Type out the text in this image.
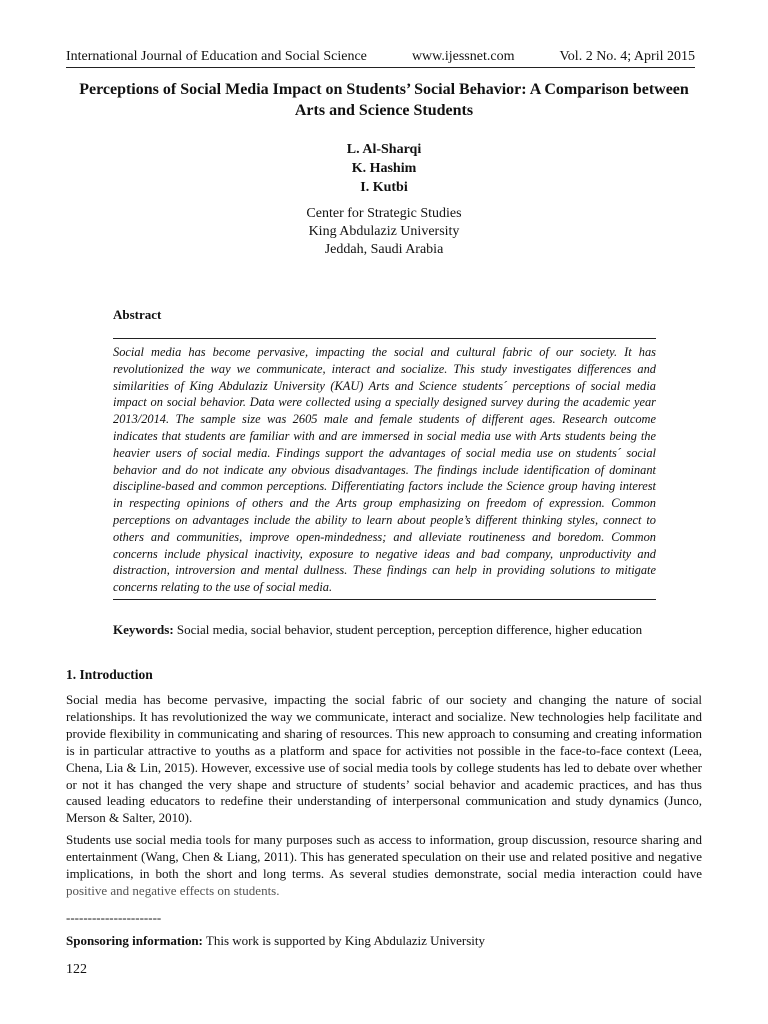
International Journal of Education and Social Science	www.ijessnet.com	Vol. 2 No. 4; April 2015
Perceptions of Social Media Impact on Students’ Social Behavior: A Comparison between Arts and Science Students
L. Al-Sharqi
K. Hashim
I. Kutbi
Center for Strategic Studies
King Abdulaziz University
Jeddah, Saudi Arabia
Abstract
Social media has become pervasive, impacting the social and cultural fabric of our society. It has revolutionized the way we communicate, interact and socialize. This study investigates differences and similarities of King Abdulaziz University (KAU) Arts and Science students´ perceptions of social media impact on social behavior. Data were collected using a specially designed survey during the academic year 2013/2014. The sample size was 2605 male and female students of different ages. Research outcome indicates that students are familiar with and are immersed in social media use with Arts students being the heavier users of social media. Findings support the advantages of social media use on students´ social behavior and do not indicate any obvious disadvantages. The findings include identification of dominant discipline-based and common perceptions. Differentiating factors include the Science group having interest in respecting opinions of others and the Arts group emphasizing on freedom of expression. Common perceptions on advantages include the ability to learn about people’s different thinking styles, connect to others and communities, improve open-mindedness; and alleviate routineness and boredom. Common concerns include physical inactivity, exposure to negative ideas and bad company, unproductivity and distraction, introversion and mental dullness. These findings can help in providing solutions to mitigate concerns relating to the use of social media.
Keywords: Social media, social behavior, student perception, perception difference, higher education
1. Introduction
Social media has become pervasive, impacting the social fabric of our society and changing the nature of social relationships. It has revolutionized the way we communicate, interact and socialize. New technologies help facilitate and provide flexibility in communicating and sharing of resources. This new approach to consuming and creating information is in particular attractive to youths as a platform and space for activities not possible in the face-to-face context (Leea, Chena, Lia & Lin, 2015). However, excessive use of social media tools by college students has led to debate over whether or not it has changed the very shape and structure of students’ social behavior and academic practices, and has thus caused leading educators to redefine their understanding of interpersonal communication and study dynamics (Junco, Merson & Salter, 2010).
Students use social media tools for many purposes such as access to information, group discussion, resource sharing and entertainment (Wang, Chen & Liang, 2011). This has generated speculation on their use and related positive and negative implications, in both the short and long terms. As several studies demonstrate, social media interaction could have positive and negative effects on students.
----------------------
Sponsoring information: This work is supported by King Abdulaziz University
122
